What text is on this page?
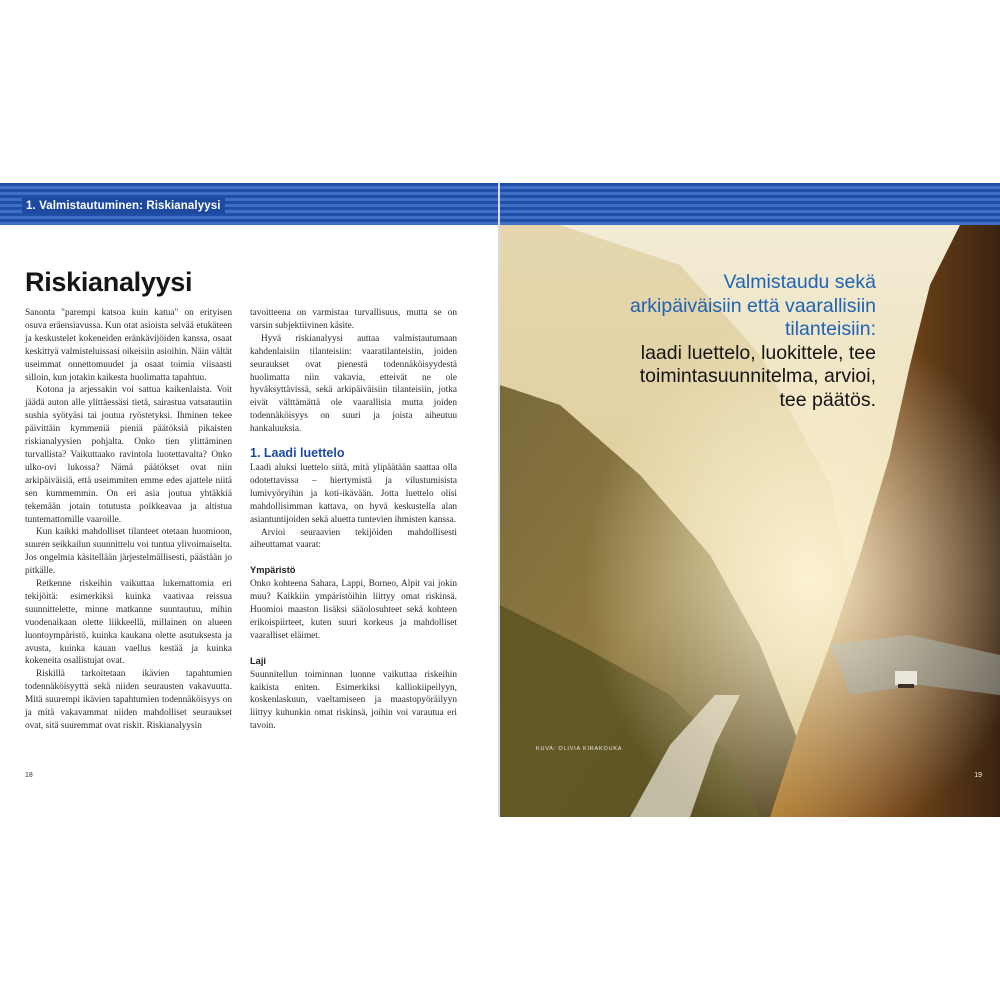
1. Valmistautuminen: Riskianalyysi
Riskianalyysi

Sanonta "parempi katsoa kuin katua" on erityisen osuva eräensiavussa. Kun otat asioista selvää etukäteen ja keskustelet kokeneiden eränkävijöiden kanssa, osaat keskittyä valmisteluissasi oikeisiin asioihin. Näin vältät useimmat onnettomuudet ja osaat toimia viisaasti silloin, kun jotakin kaikesta huolimatta tapahtuu.

Kotona ja arjessakin voi sattua kaikenlaista. Voit jäädä auton alle ylittäessäsi tietä, sairastua vatsatautiin sushia syötyäsi tai joutua ryöstetyksi. Ihminen tekee päivittäin kymmeniä pieniä päätöksiä pikaisten riskianalyysien pohjalta. Onko tien ylittäminen turvallista? Vaikuttaako ravintola luotettavalta? Onko ulko-ovi lukossa? Nämä päätökset ovat niin arkipäiväisiä, että useimmiten emme edes ajattele niitä sen kummemmin. On eri asia joutua yhtäkkiä tekemään jotain totutusta poikkeavaa ja altistua tuntemattomille vaaroille.

Kun kaikki mahdolliset tilanteet otetaan huomioon, suuren seikkailun suunnittelu voi tuntua ylivoimaiselta. Jos ongelmia käsitellään järjestelmällisesti, päästään jo pitkälle.

Retkenne riskeihin vaikuttaa lukemattomia eri tekijöitä: esimerkiksi kuinka vaativaa reissua suunnittelette, minne matkanne suuntautuu, mihin vuodenaikaan olette liikkeellä, millainen on alueen luontoympäristö, kuinka kaukana olette asutuksesta ja avusta, kuinka kauan vaellus kestää ja kuinka kokeneita osallistujat ovat.

Riskillä tarkoitetaan ikävien tapahtumien todennäköisyyttä sekä niiden seurausten vakavuutta. Mitä suurempi ikävien tapahtumien todennäköisyys on ja mitä vakavammat niiden mahdolliset seuraukset ovat, sitä suuremmat ovat riskit. Riskianalyysin

tavoitteena on varmistaa turvallisuus, mutta se on varsin subjektiivinen käsite.

Hyvä riskianalyysi auttaa valmistautumaan kahdenlaisiin tilanteisiin: vaaratilanteisiin, joiden seuraukset ovat pienestä todennäköisyydestä huolimatta niin vakavia, etteivät ne ole hyväksyttävissä, sekä arkipäiväisiin tilanteisiin, jotka eivät välttämättä ole vaarallisia mutta joiden todennäköisyys on suuri ja joista aiheutuu hankaluuksia.

1. Laadi luettelo

Laadi aluksi luettelo siitä, mitä ylipäätään saattaa olla odotettavissa – hiertymistä ja vilustumisista lumivyöryihin ja koti-ikävään. Jotta luettelo olisi mahdollisimman kattava, on hyvä keskustella alan asiantuntijoiden sekä aluetta tuntevien ihmisten kanssa.

Arvioi seuraavien tekijöiden mahdollisesti aiheuttamat vaarat:

Ympäristö

Onko kohteena Sahara, Lappi, Borneo, Alpit vai jokin muu? Kaikkiin ympäristöihin liittyy omat riskinsä. Huomioi maaston lisäksi sääolosuhteet sekä kohteen erikoispiirteet, kuten suuri korkeus ja mahdolliset vaaralliset eläimet.

Laji

Suunnitellun toiminnan luonne vaikuttaa riskeihin kaikista eniten. Esimerkiksi kalliokiipeilyyn, koskenlaskuun, vaeltamiseen ja maastopyöräilyyn liittyy kuhunkin omat riskinsä, joihin voi varautua eri tavoin.

18
Valmistaudu sekä arkipäiväisiin että vaarallisiin tilanteisiin:
laadi luettelo, luokittele, tee toimintasuunnitelma, arvioi, tee päätös.
KUVA: OLIVIA KIRAKOUKA
19
